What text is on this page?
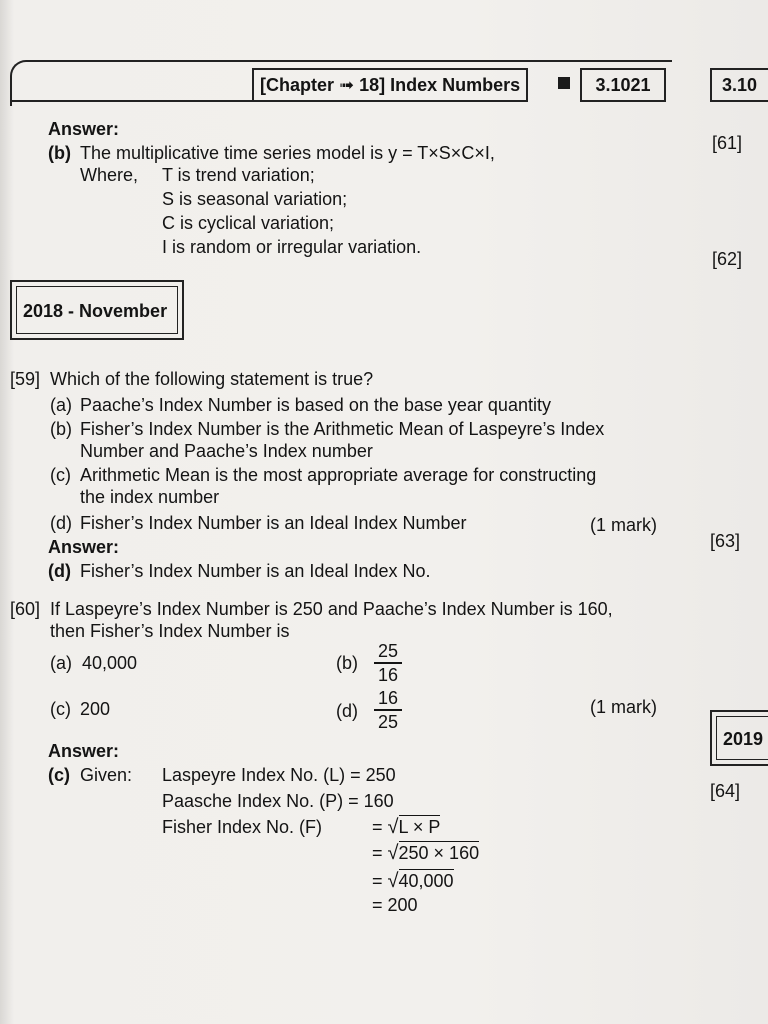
[Chapter ➟ 18] Index Numbers	3.1021	3.10
Answer:
(b) The multiplicative time series model is y = T×S×C×I,
Where, T is trend variation;
S is seasonal variation;
C is cyclical variation;
I is random or irregular variation.
2018 - November
[59] Which of the following statement is true?
(a) Paache’s Index Number is based on the base year quantity
(b) Fisher’s Index Number is the Arithmetic Mean of Laspeyre’s Index
Number and Paache’s Index number
(c) Arithmetic Mean is the most appropriate average for constructing
the index number
(d) Fisher’s Index Number is an Ideal Index Number	(1 mark)
Answer:
(d) Fisher’s Index Number is an Ideal Index No.
[60] If Laspeyre’s Index Number is 250 and Paache’s Index Number is 160,
then Fisher’s Index Number is
(a) 40,000	(b)
25
16
(c) 200	(d)
16
25
(1 mark)
Answer:
(c) Given: Laspeyre Index No. (L) = 250
Paasche Index No. (P) = 160
Fisher Index No. (F)	= √L × P
= √250 × 160
= √40,000
= 200
[61]
[62]
[63]
2019
[64]
